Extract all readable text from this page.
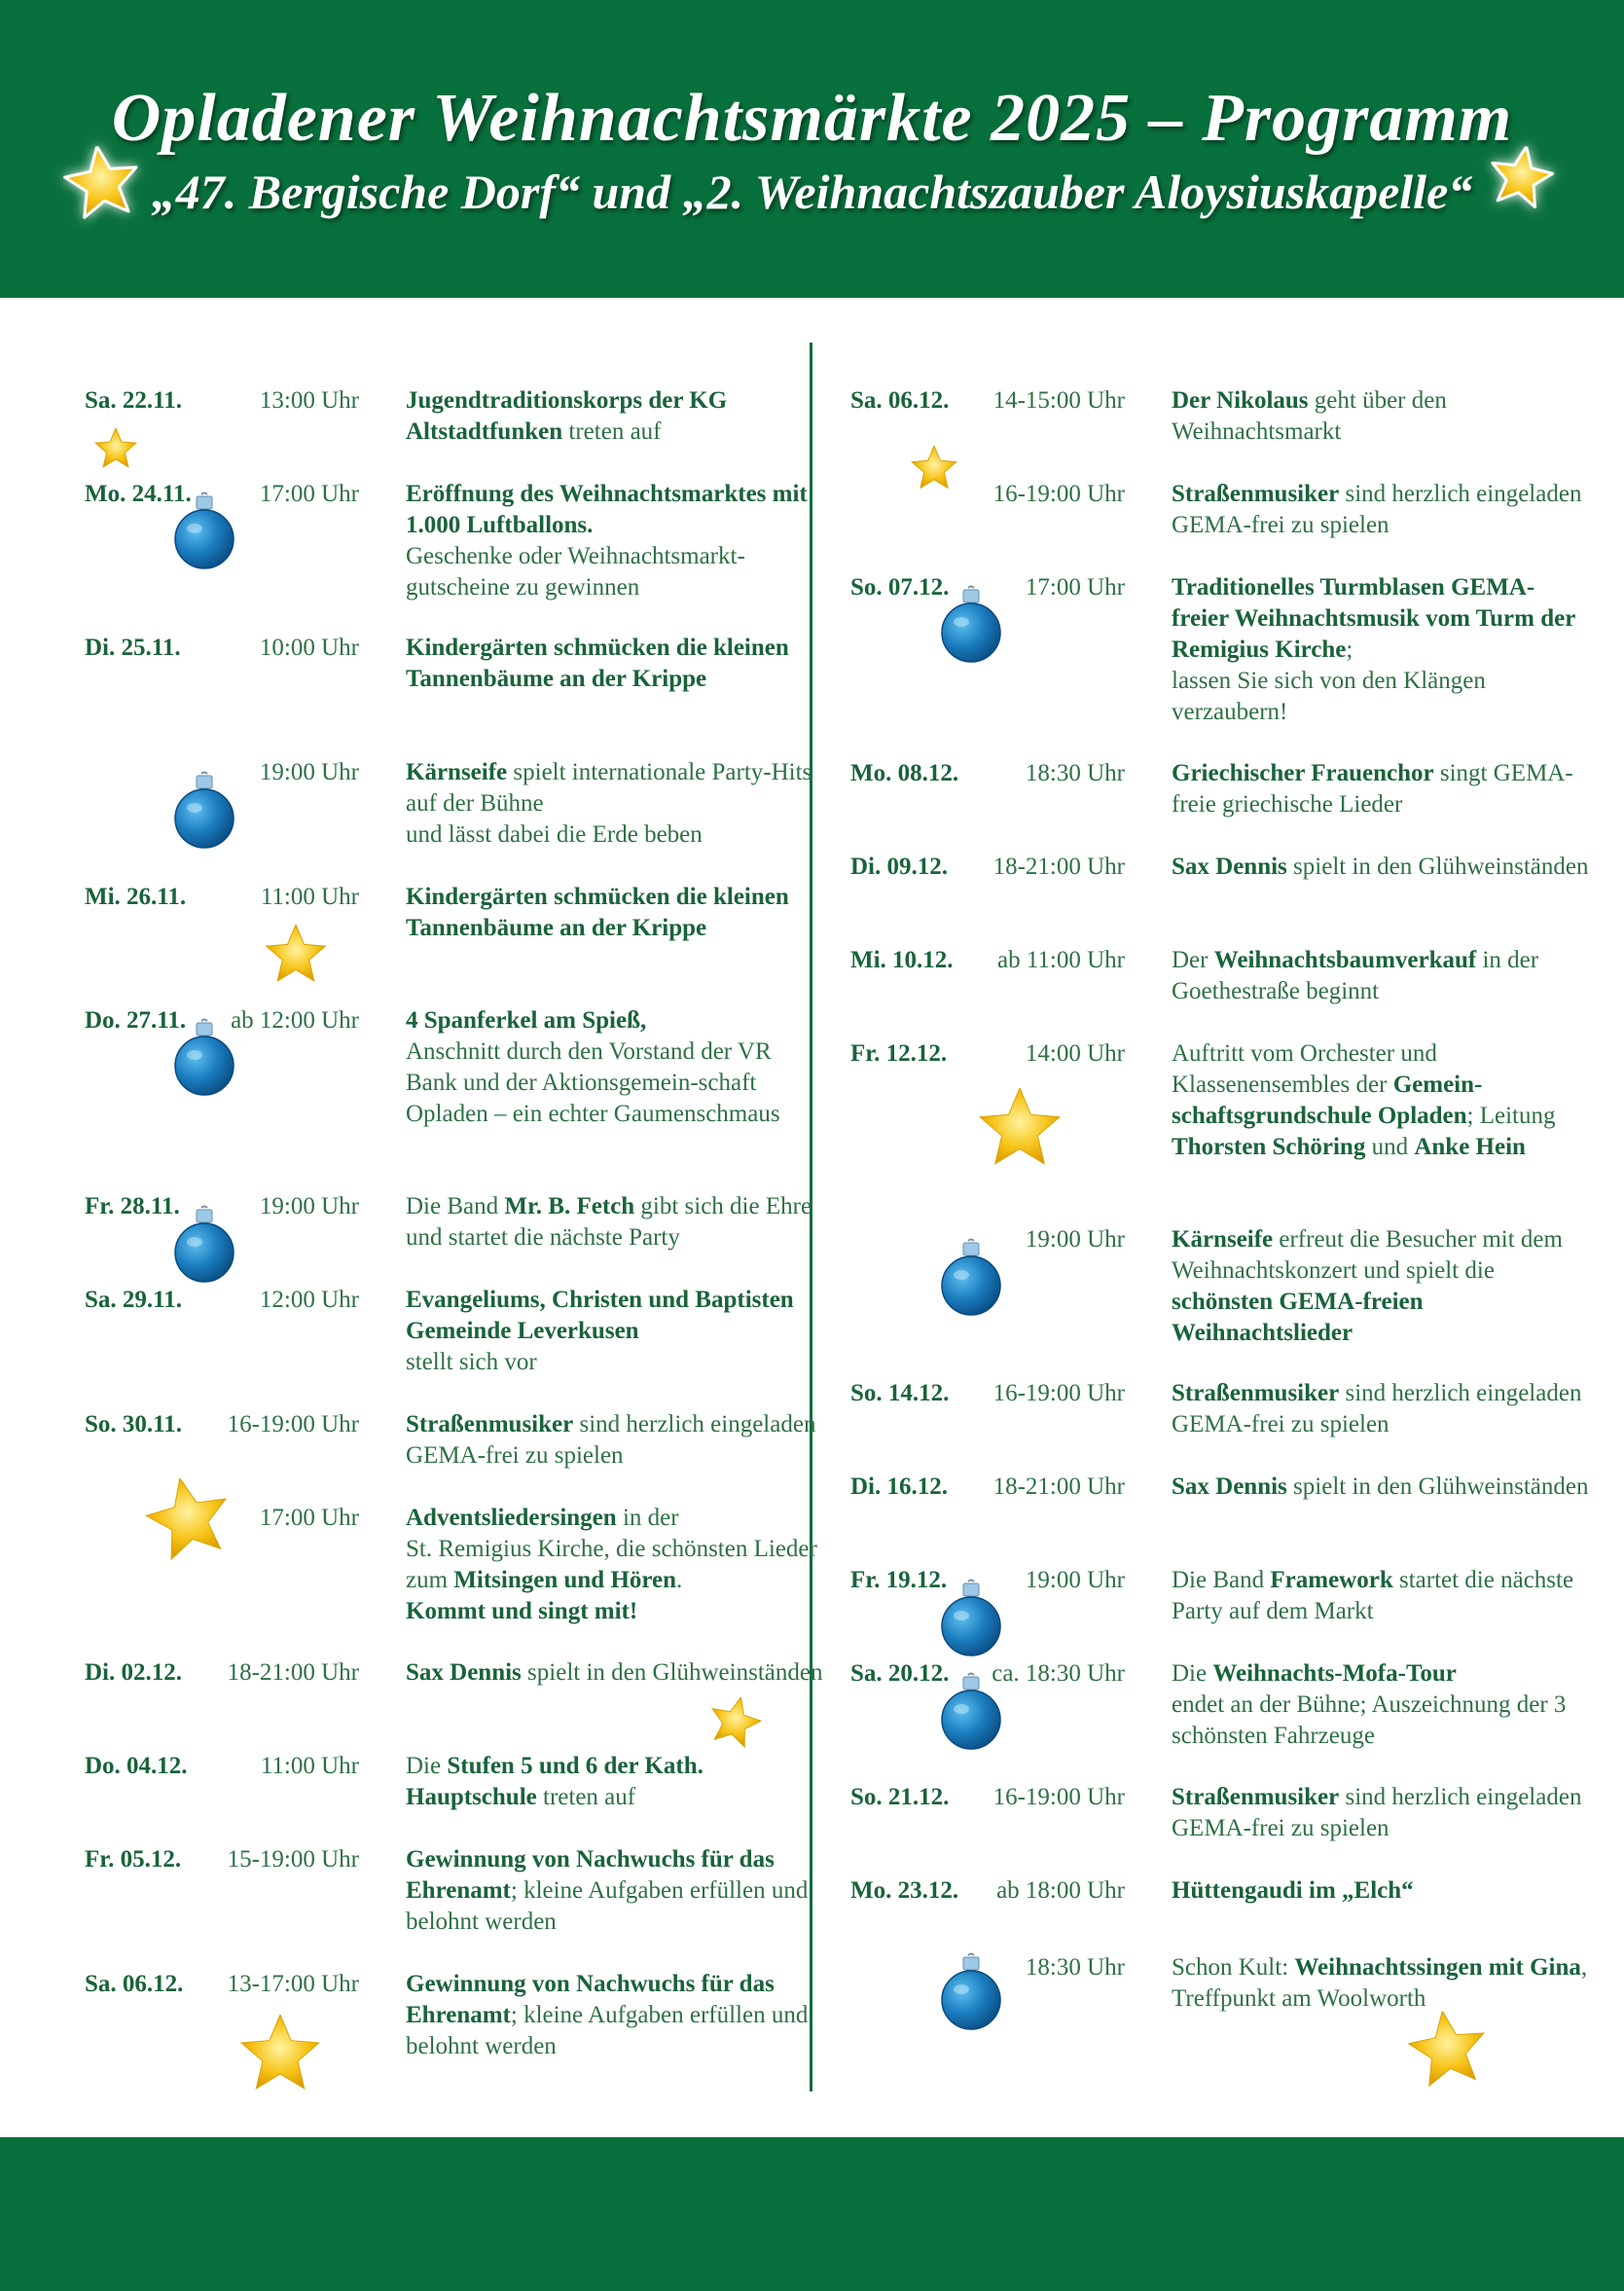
Opladener Weihnachtsmärkte 2025 – Programm
„47. Bergische Dorf“ und „2. Weihnachtszauber Aloysiuskapelle“
Sa. 22.11.	13:00 Uhr Jugendtraditionskorps der KG Altstadtfunken treten auf
Mo. 24.11.	17:00 Uhr Eröffnung des Weihnachtsmarktes mit 1.000 Luftballons.
Geschenke oder Weihnachtsmarkt-gutscheine zu gewinnen
Di. 25.11.	10:00 Uhr Kindergärten schmücken die kleinen Tannenbäume an der Krippe
19:00 Uhr Kärnseife spielt internationale Party-Hits auf der Bühne
und lässt dabei die Erde beben
Mi. 26.11.	11:00 Uhr Kindergärten schmücken die kleinen Tannenbäume an der Krippe
Do. 27.11.	ab 12:00 Uhr 4 Spanferkel am Spieß,
Anschnitt durch den Vorstand der VR Bank und der Aktionsgemein-schaft Opladen – ein echter Gaumenschmaus
Fr. 28.11.	19:00 Uhr Die Band Mr. B. Fetch gibt sich die Ehre und startet die nächste Party
Sa. 29.11.	12:00 Uhr Evangeliums, Christen und Baptisten Gemeinde Leverkusen
stellt sich vor
So. 30.11.	16-19:00 Uhr Straßenmusiker sind herzlich eingeladen GEMA-frei zu spielen
17:00 Uhr Adventsliedersingen in der
St. Remigius Kirche, die schönsten Lieder zum Mitsingen und Hören.
Kommt und singt mit!
Di. 02.12.	18-21:00 Uhr Sax Dennis spielt in den Glühweinständen
Do. 04.12.	11:00 Uhr Die Stufen 5 und 6 der Kath. Hauptschule treten auf
Fr. 05.12.	15-19:00 Uhr Gewinnung von Nachwuchs für das Ehrenamt; kleine Aufgaben erfüllen und belohnt werden
Sa. 06.12.	13-17:00 Uhr Gewinnung von Nachwuchs für das Ehrenamt; kleine Aufgaben erfüllen und belohnt werden
Sa. 06.12.	14-15:00 Uhr Der Nikolaus geht über den Weihnachtsmarkt
16-19:00 Uhr Straßenmusiker sind herzlich eingeladen GEMA-frei zu spielen
So. 07.12.	17:00 Uhr Traditionelles Turmblasen GEMA-freier Weihnachtsmusik vom Turm der Remigius Kirche;
lassen Sie sich von den Klängen verzaubern!
Mo. 08.12.	18:30 Uhr Griechischer Frauenchor singt GEMA-freie griechische Lieder
Di. 09.12.	18-21:00 Uhr Sax Dennis spielt in den Glühweinständen
Mi. 10.12.	ab 11:00 Uhr Der Weihnachtsbaumverkauf in der Goethestraße beginnt
Fr. 12.12.	14:00 Uhr Auftritt vom Orchester und Klassenensembles der Gemein-schaftsgrundschule Opladen; Leitung Thorsten Schöring und Anke Hein
19:00 Uhr Kärnseife erfreut die Besucher mit dem Weihnachtskonzert und spielt die schönsten GEMA-freien Weihnachtslieder
So. 14.12.	16-19:00 Uhr Straßenmusiker sind herzlich eingeladen GEMA-frei zu spielen
Di. 16.12.	18-21:00 Uhr Sax Dennis spielt in den Glühweinständen
Fr. 19.12.	19:00 Uhr Die Band Framework startet die nächste Party auf dem Markt
Sa. 20.12.	ca. 18:30 Uhr Die Weihnachts-Mofa-Tour
endet an der Bühne; Auszeichnung der 3 schönsten Fahrzeuge
So. 21.12.	16-19:00 Uhr Straßenmusiker sind herzlich eingeladen GEMA-frei zu spielen
Mo. 23.12.	ab 18:00 Uhr Hüttengaudi im „Elch“
18:30 Uhr Schon Kult: Weihnachtssingen mit Gina, Treffpunkt am Woolworth
